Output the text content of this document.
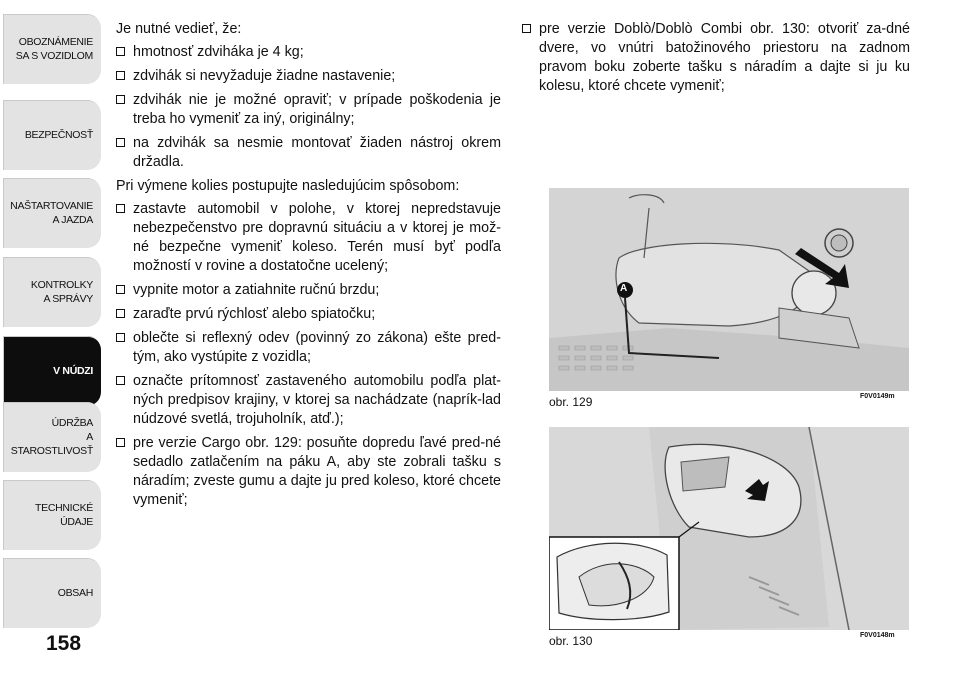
OBOZNÁMENIE
SA S VOZIDLOM
BEZPEČNOSŤ
NAŠTARTOVANIE
A JAZDA
KONTROLKY
A SPRÁVY
V NÚDZI
ÚDRŽBA
A STAROSTLIVOSŤ
TECHNICKÉ
ÚDAJE
OBSAH
158

Je nutné vedieť, že:

hmotnosť zdviháka je 4 kg;
zdvihák si nevyžaduje žiadne nastavenie;
zdvihák nie je možné opraviť; v prípade poškodenia je treba ho vymeniť za iný, originálny;
na zdvihák sa nesmie montovať žiaden nástroj okrem držadla.

Pri výmene kolies postupujte nasledujúcim spôsobom:

zastavte automobil v polohe, v ktorej nepredstavuje nebezpečenstvo pre dopravnú situáciu a v ktorej je mož-né bezpečne vymeniť koleso. Terén musí byť podľa možností v rovine a dostatočne ucelený;
vypnite motor a zatiahnite ručnú brzdu;
zaraďte prvú rýchlosť alebo spiatočku;
oblečte si reflexný odev (povinný zo zákona) ešte pred-tým, ako vystúpite z vozidla;
označte prítomnosť zastaveného automobilu podľa plat-ných predpisov krajiny, v ktorej sa nachádzate (naprík-lad núdzové svetlá, trojuholník, atď.);
pre verzie Cargo obr. 129: posuňte dopredu ľavé pred-né sedadlo zatlačením na páku A, aby ste zobrali tašku s náradím; zveste gumu a dajte ju pred koleso, ktoré chcete vymeniť;
pre verzie Doblò/Doblò Combi obr. 130: otvoriť za-dné dvere, vo vnútri batožinového priestoru na zadnom pravom boku zoberte tašku s náradím a dajte si ju ku kolesu, ktoré chcete vymeniť;
A
obr. 129	F0V0149m
obr. 130	F0V0148m
